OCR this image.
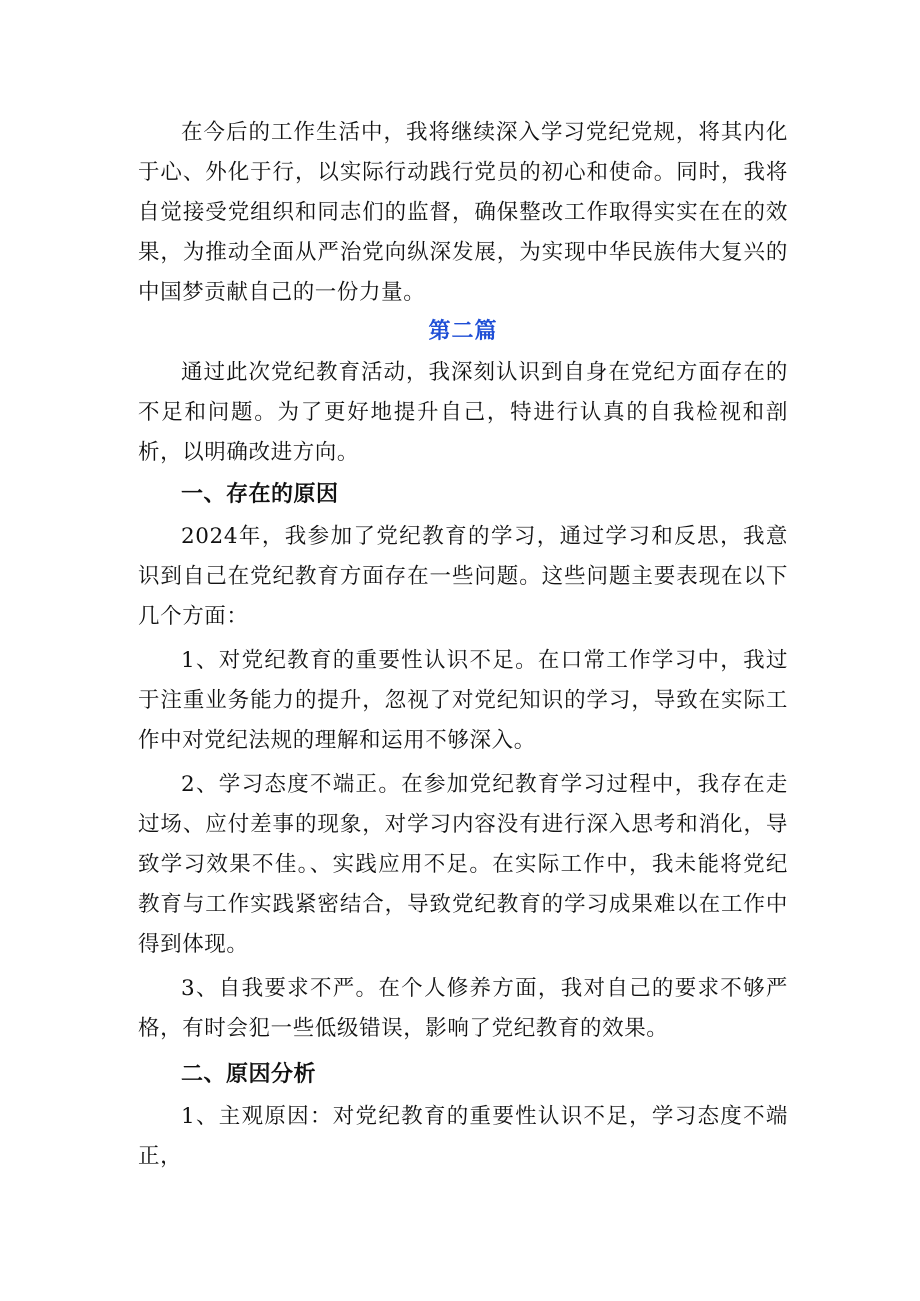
在今后的工作生活中，我将继续深入学习党纪党规，将其内化于心、外化于行，以实际行动践行党员的初心和使命。同时，我将自觉接受党组织和同志们的监督，确保整改工作取得实实在在的效果，为推动全面从严治党向纵深发展，为实现中华民族伟大复兴的中国梦贡献自己的一份力量。

第二篇

通过此次党纪教育活动，我深刻认识到自身在党纪方面存在的不足和问题。为了更好地提升自己，特进行认真的自我检视和剖析，以明确改进方向。

一、存在的原因

2024年，我参加了党纪教育的学习，通过学习和反思，我意识到自己在党纪教育方面存在一些问题。这些问题主要表现在以下几个方面：

1、对党纪教育的重要性认识不足。在口常工作学习中，我过于注重业务能力的提升，忽视了对党纪知识的学习，导致在实际工作中对党纪法规的理解和运用不够深入。

2、学习态度不端正。在参加党纪教育学习过程中，我存在走过场、应付差事的现象，对学习内容没有进行深入思考和消化，导致学习效果不佳。、实践应用不足。在实际工作中，我未能将党纪教育与工作实践紧密结合，导致党纪教育的学习成果难以在工作中得到体现。

3、自我要求不严。在个人修养方面，我对自己的要求不够严格，有时会犯一些低级错误，影响了党纪教育的效果。

二、原因分析

1、主观原因：对党纪教育的重要性认识不足，学习态度不端正，
